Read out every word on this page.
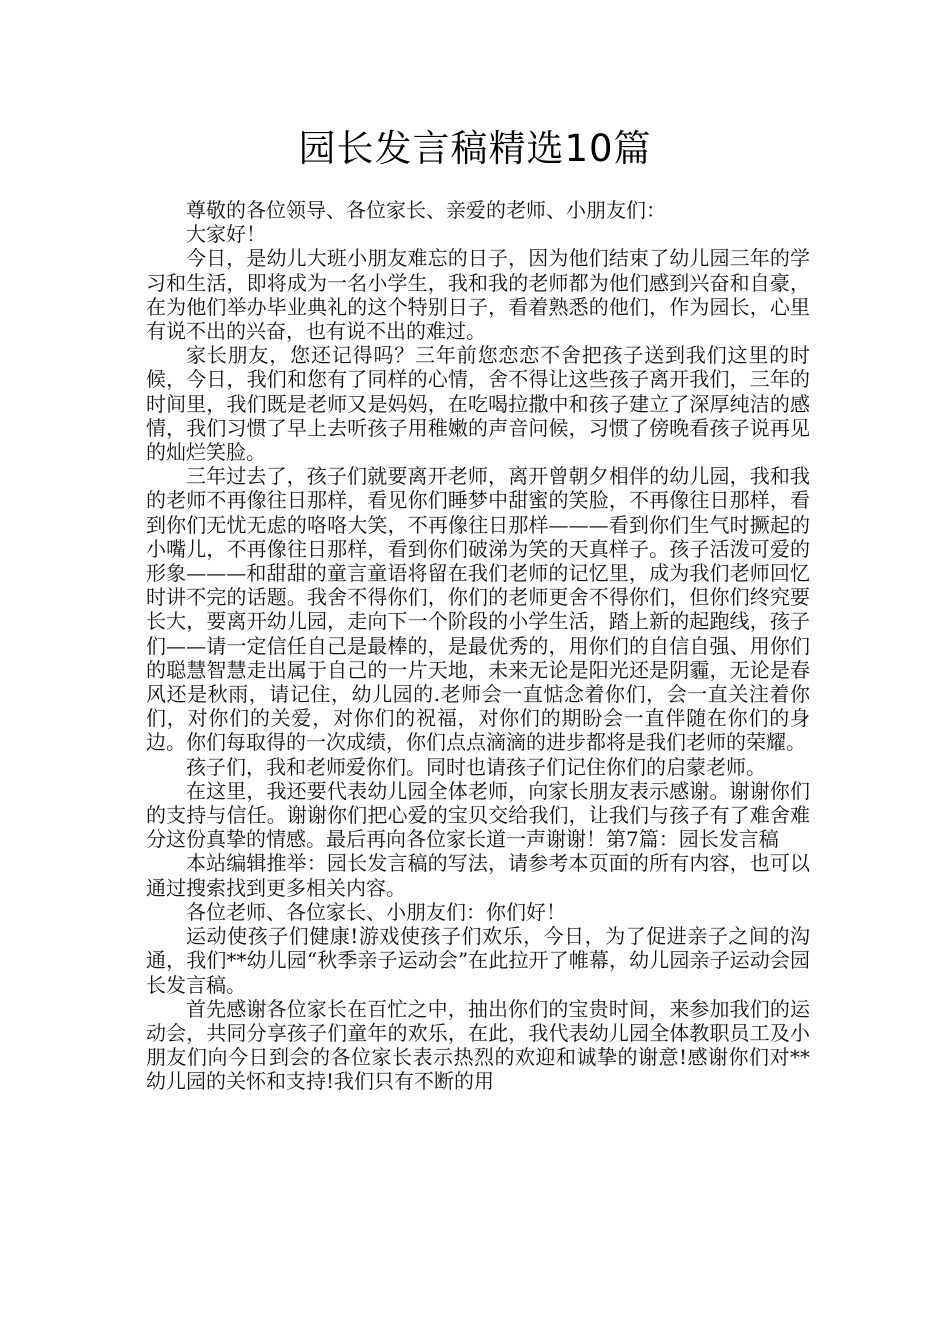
园长发言稿精选10篇

尊敬的各位领导、各位家长、亲爱的老师、小朋友们：

大家好！

今日，是幼儿大班小朋友难忘的日子，因为他们结束了幼儿园三年的学习和生活，即将成为一名小学生，我和我的老师都为他们感到兴奋和自豪，在为他们举办毕业典礼的这个特别日子，看着熟悉的他们，作为园长，心里有说不出的兴奋，也有说不出的难过。

家长朋友，您还记得吗？三年前您恋恋不舍把孩子送到我们这里的时候，今日，我们和您有了同样的心情，舍不得让这些孩子离开我们，三年的时间里，我们既是老师又是妈妈，在吃喝拉撒中和孩子建立了深厚纯洁的感情，我们习惯了早上去听孩子用稚嫩的声音问候，习惯了傍晚看孩子说再见的灿烂笑脸。

三年过去了，孩子们就要离开老师，离开曾朝夕相伴的幼儿园，我和我的老师不再像往日那样，看见你们睡梦中甜蜜的笑脸，不再像往日那样，看到你们无忧无虑的咯咯大笑，不再像往日那样———看到你们生气时撅起的小嘴儿，不再像往日那样，看到你们破涕为笑的天真样子。孩子活泼可爱的形象———和甜甜的童言童语将留在我们老师的记忆里，成为我们老师回忆时讲不完的话题。我舍不得你们，你们的老师更舍不得你们，但你们终究要长大，要离开幼儿园，走向下一个阶段的小学生活，踏上新的起跑线，孩子们——请一定信任自己是最棒的，是最优秀的，用你们的自信自强、用你们的聪慧智慧走出属于自己的一片天地，未来无论是阳光还是阴霾，无论是春风还是秋雨，请记住，幼儿园的.老师会一直惦念着你们，会一直关注着你们，对你们的关爱，对你们的祝福，对你们的期盼会一直伴随在你们的身边。你们每取得的一次成绩，你们点点滴滴的进步都将是我们老师的荣耀。

孩子们，我和老师爱你们。同时也请孩子们记住你们的启蒙老师。

在这里，我还要代表幼儿园全体老师，向家长朋友表示感谢。谢谢你们的支持与信任。谢谢你们把心爱的宝贝交给我们，让我们与孩子有了难舍难分这份真挚的情感。最后再向各位家长道一声谢谢！第7篇：园长发言稿

本站编辑推举：园长发言稿的写法，请参考本页面的所有内容，也可以通过搜索找到更多相关内容。

各位老师、各位家长、小朋友们：你们好！

运动使孩子们健康!游戏使孩子们欢乐，今日，为了促进亲子之间的沟通，我们**幼儿园“秋季亲子运动会”在此拉开了帷幕，幼儿园亲子运动会园长发言稿。

首先感谢各位家长在百忙之中，抽出你们的宝贵时间，来参加我们的运动会，共同分享孩子们童年的欢乐，在此，我代表幼儿园全体教职员工及小朋友们向今日到会的各位家长表示热烈的欢迎和诚挚的谢意!感谢你们对**幼儿园的关怀和支持!我们只有不断的用
